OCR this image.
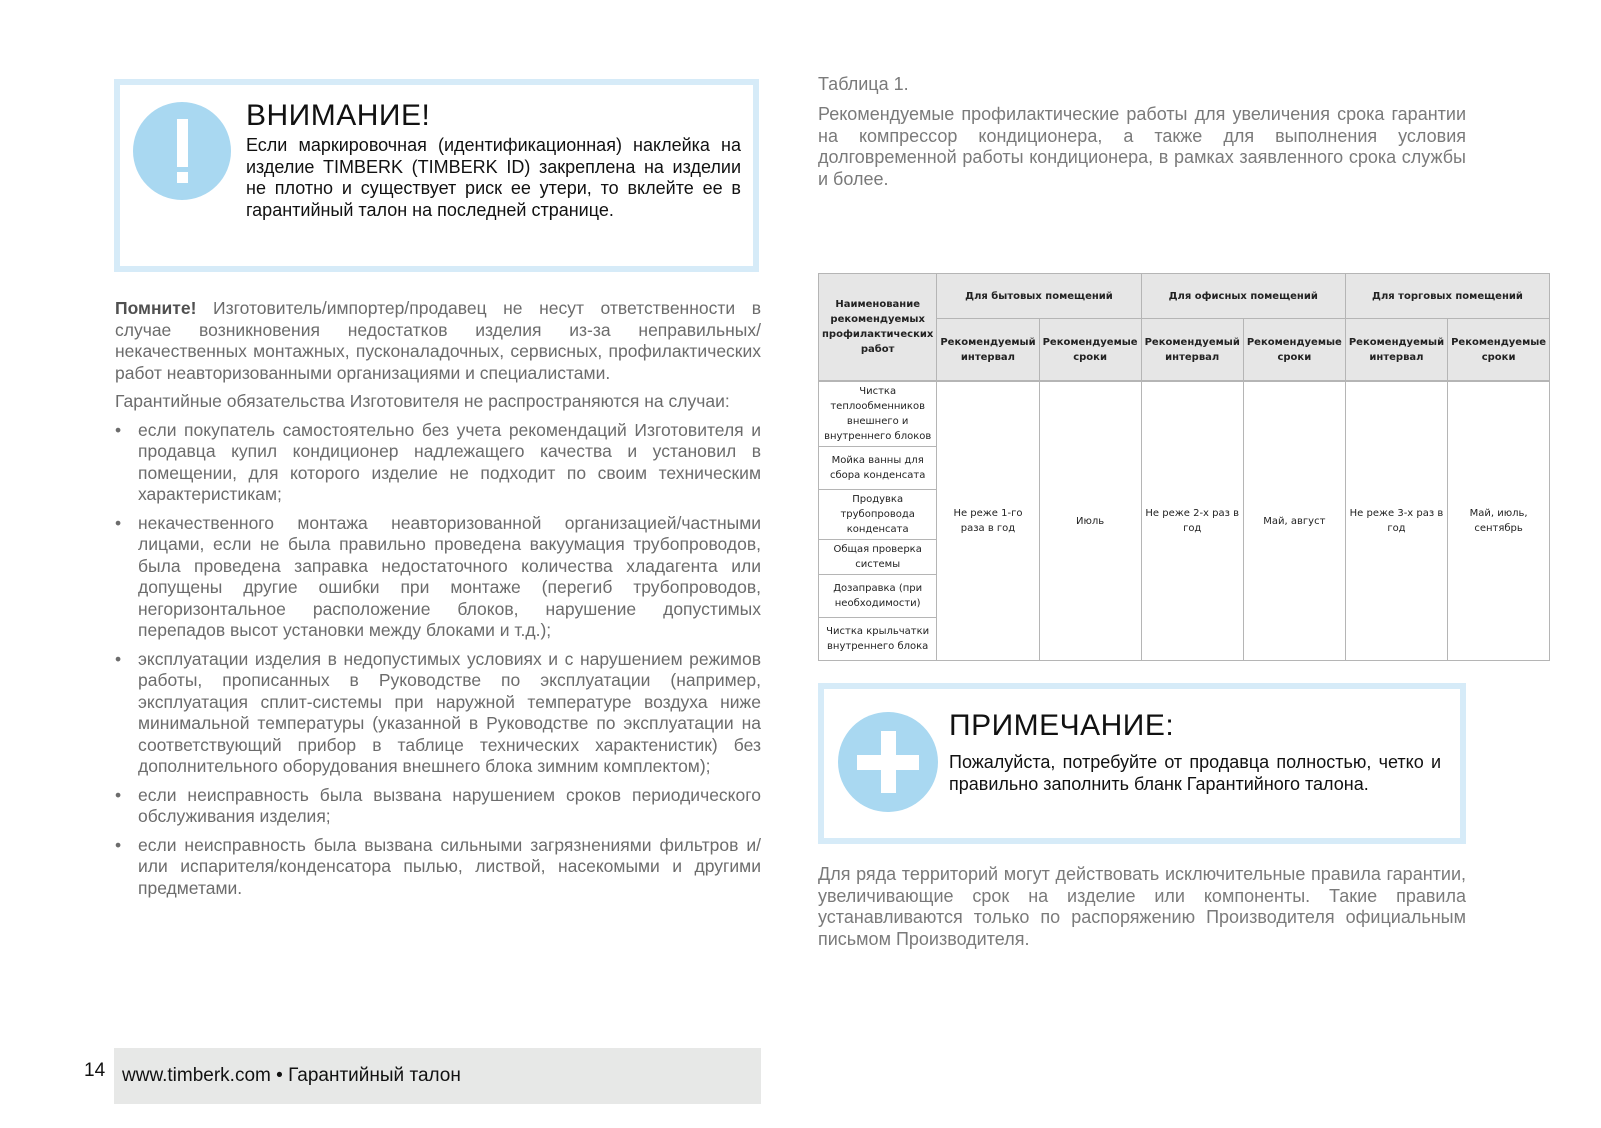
ВНИМАНИЕ!
Если маркировочная (идентификационная) наклейка на изделие TIMBERK (TIMBERK ID) закреплена на изделии не плотно и существует риск ее утери, то вклейте ее в гарантийный талон на последней странице.

Помните! Изготовитель/импортер/продавец не несут ответственности в случае возникновения недостатков изделия из-за неправильных/некачественных монтажных, пусконаладочных, сервисных, профилактических работ неавторизованными организациями и специалистами.

Гарантийные обязательства Изготовителя не распространяются на случаи:

• если покупатель самостоятельно без учета рекомендаций Изготовителя и продавца купил кондиционер надлежащего качества и установил в помещении, для которого изделие не подходит по своим техническим характеристикам;
• некачественного монтажа неавторизованной организацией/частными лицами, если не была правильно проведена вакуумация трубопроводов, была проведена заправка недостаточного количества хладагента или допущены другие ошибки при монтаже (перегиб трубопроводов, негоризонтальное расположение блоков, нарушение допустимых перепадов высот установки между блоками и т.д.);
• эксплуатации изделия в недопустимых условиях и с нарушением режимов работы, прописанных в Руководстве по эксплуатации (например, эксплуатация сплит-системы при наружной температуре воздуха ниже минимальной температуры (указанной в Руководстве по эксплуатации на соответствующий прибор в таблице технических характенистик) без дополнительного оборудования внешнего блока зимним комплектом);
• если неисправность была вызвана нарушением сроков периодического обслуживания изделия;
• если неисправность была вызвана сильными загрязнениями фильтров и/или испарителя/конденсатора пылью, листвой, насекомыми и другими предметами.
Таблица 1.
Рекомендуемые профилактические работы для увеличения срока гарантии на компрессор кондиционера, а также для выполнения условия долговременной работы кондиционера, в рамках заявленного срока службы и более.
Наименование рекомендуемых профилактических работ	Для бытовых помещений		Для офисных помещений		Для торговых помещений	
	Рекомендуемый интервал	Рекомендуемые сроки	Рекомендуемый интервал	Рекомендуемые сроки	Рекомендуемый интервал	Рекомендуемые сроки
Чистка теплообменников внешнего и внутреннего блоков	Не реже 1-го раза в год	Июль	Не реже 2-х раз в год	Май, август	Не реже 3-х раз в год	Май, июль, сентябрь
Мойка ванны для сбора конденсата						
Продувка трубопровода конденсата						
Общая проверка системы						
Дозаправка (при необходимости)						
Чистка крыльчатки внутреннего блока						
ПРИМЕЧАНИЕ:
Пожалуйста, потребуйте от продавца полностью, четко и правильно заполнить бланк Гарантийного талона.
Для ряда территорий могут действовать исключительные правила гарантии, увеличивающие срок на изделие или компоненты. Такие правила устанавливаются только по распоряжению Производителя официальным письмом Производителя.
14 www.timberk.com • Гарантийный талон
